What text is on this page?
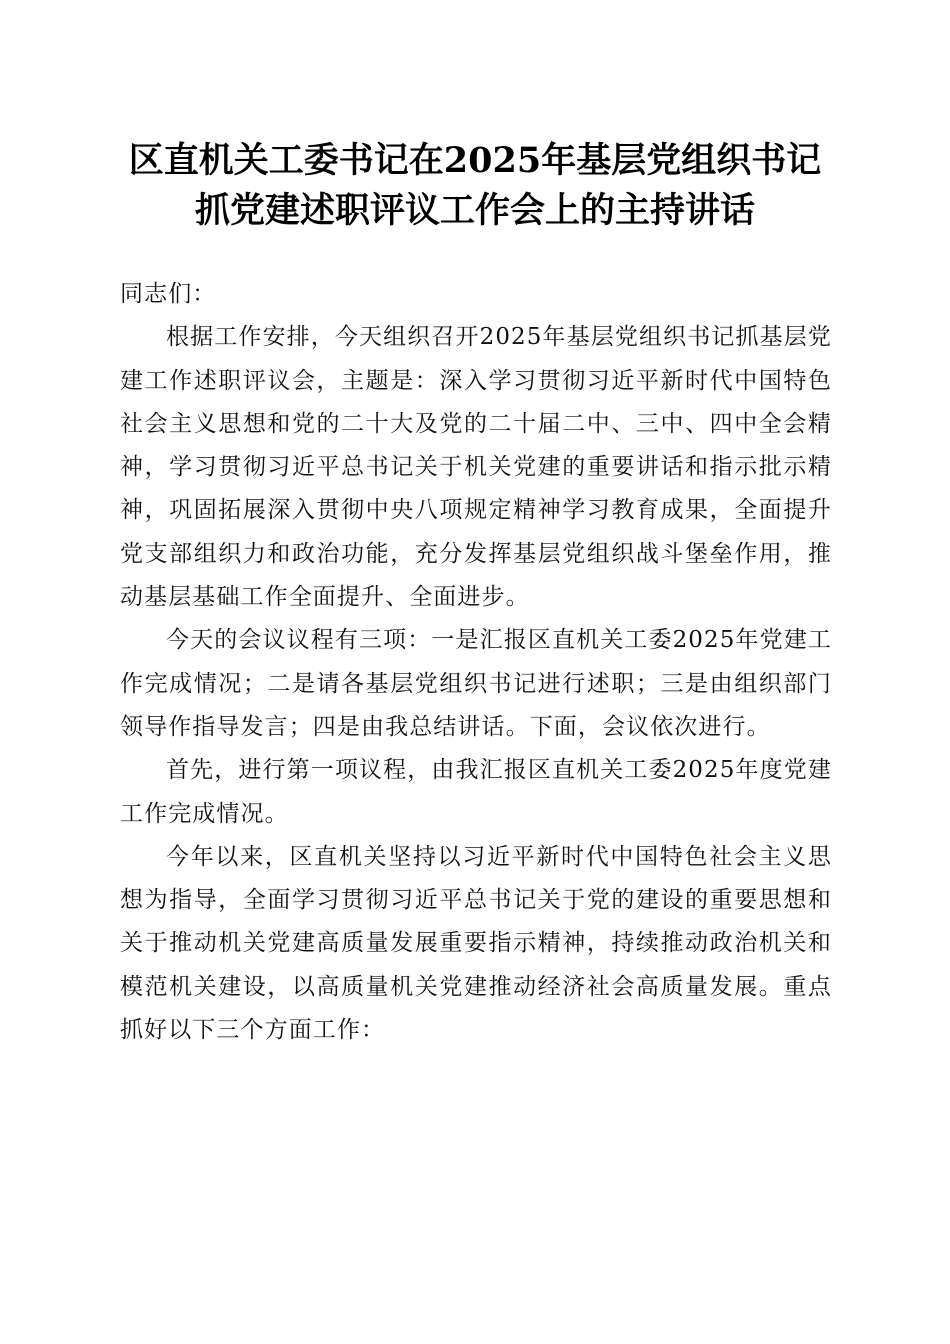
区直机关工委书记在2025年基层党组织书记
抓党建述职评议工作会上的主持讲话

同志们：

根据工作安排，今天组织召开2025年基层党组织书记抓基层党建工作述职评议会，主题是：深入学习贯彻习近平新时代中国特色社会主义思想和党的二十大及党的二十届二中、三中、四中全会精神，学习贯彻习近平总书记关于机关党建的重要讲话和指示批示精神，巩固拓展深入贯彻中央八项规定精神学习教育成果，全面提升党支部组织力和政治功能，充分发挥基层党组织战斗堡垒作用，推动基层基础工作全面提升、全面进步。

今天的会议议程有三项：一是汇报区直机关工委2025年党建工作完成情况；二是请各基层党组织书记进行述职；三是由组织部门领导作指导发言；四是由我总结讲话。下面，会议依次进行。

首先，进行第一项议程，由我汇报区直机关工委2025年度党建工作完成情况。

今年以来，区直机关坚持以习近平新时代中国特色社会主义思想为指导，全面学习贯彻习近平总书记关于党的建设的重要思想和关于推动机关党建高质量发展重要指示精神，持续推动政治机关和模范机关建设，以高质量机关党建推动经济社会高质量发展。重点抓好以下三个方面工作：
